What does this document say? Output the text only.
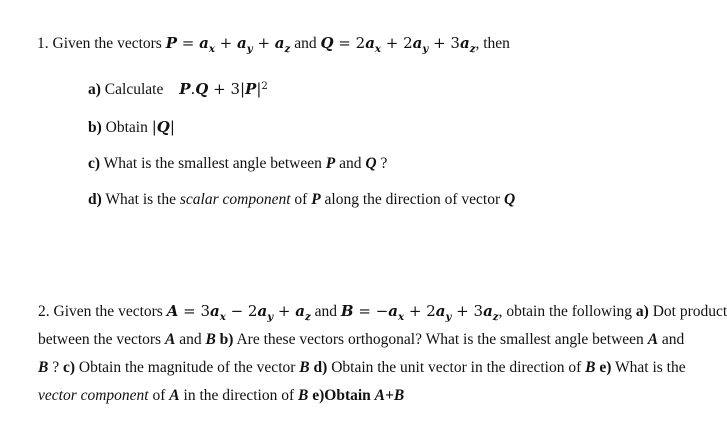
1. Given the vectors $P = a_x + a_y + a_z$ and $Q = 2a_x + 2a_y + 3a_z$, then
a) Calculate $P.Q + 3|P|^2$
b) Obtain |Q|
c) What is the smallest angle between P and Q ?
d) What is the scalar component of P along the direction of vector Q
2. Given the vectors $A = 3a_x - 2a_y + a_z$ and $B = -a_x + 2a_y + 3a_z$, obtain the following a) Dot product
between the vectors A and B b) Are these vectors orthogonal? What is the smallest angle between A and
B ? c) Obtain the magnitude of the vector B d) Obtain the unit vector in the direction of B e) What is the
vector component of A in the direction of B e)Obtain A+B
